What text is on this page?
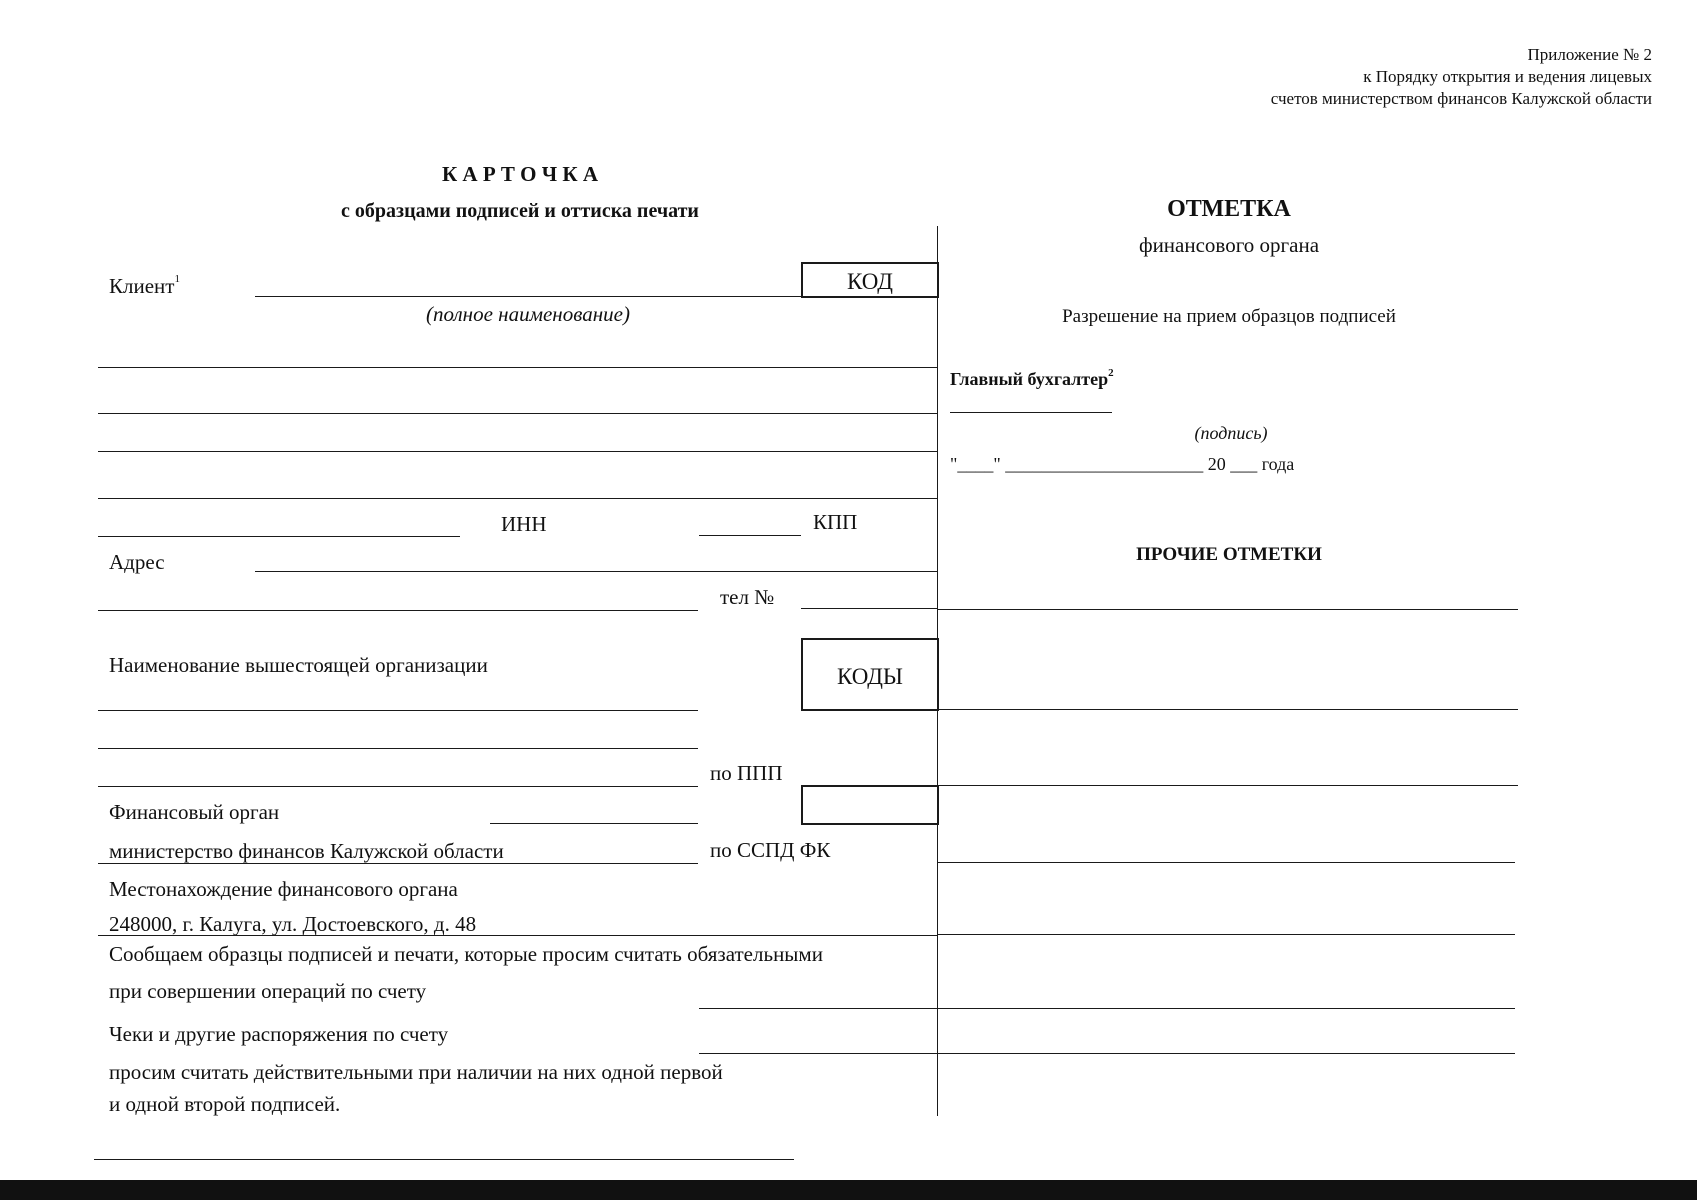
Приложение № 2
к Порядку открытия и ведения лицевых
счетов министерством финансов Калужской области
К А Р Т О Ч К А
с образцами подписей и оттиска печати
Клиент$^1$	КОД
(полное наименование)
ИНН	КПП
Адрес
тел №
Наименование вышестоящей организации	КОДЫ
по ППП
Финансовый орган
министерство финансов Калужской области	по ССПД ФК
Местонахождение финансового органа
248000, г. Калуга, ул. Достоевского, д. 48
Сообщаем образцы подписей и печати, которые просим считать обязательными
при совершении операций по счету
Чеки и другие распоряжения по счету
просим считать действительными при наличии на них одной первой
и одной второй подписей.
ОТМЕТКА
финансового органа
Разрешение на прием образцов подписей
Главный бухгалтер$^2$
(подпись)
"____" ______________________ 20 ___ года
ПРОЧИЕ ОТМЕТКИ
